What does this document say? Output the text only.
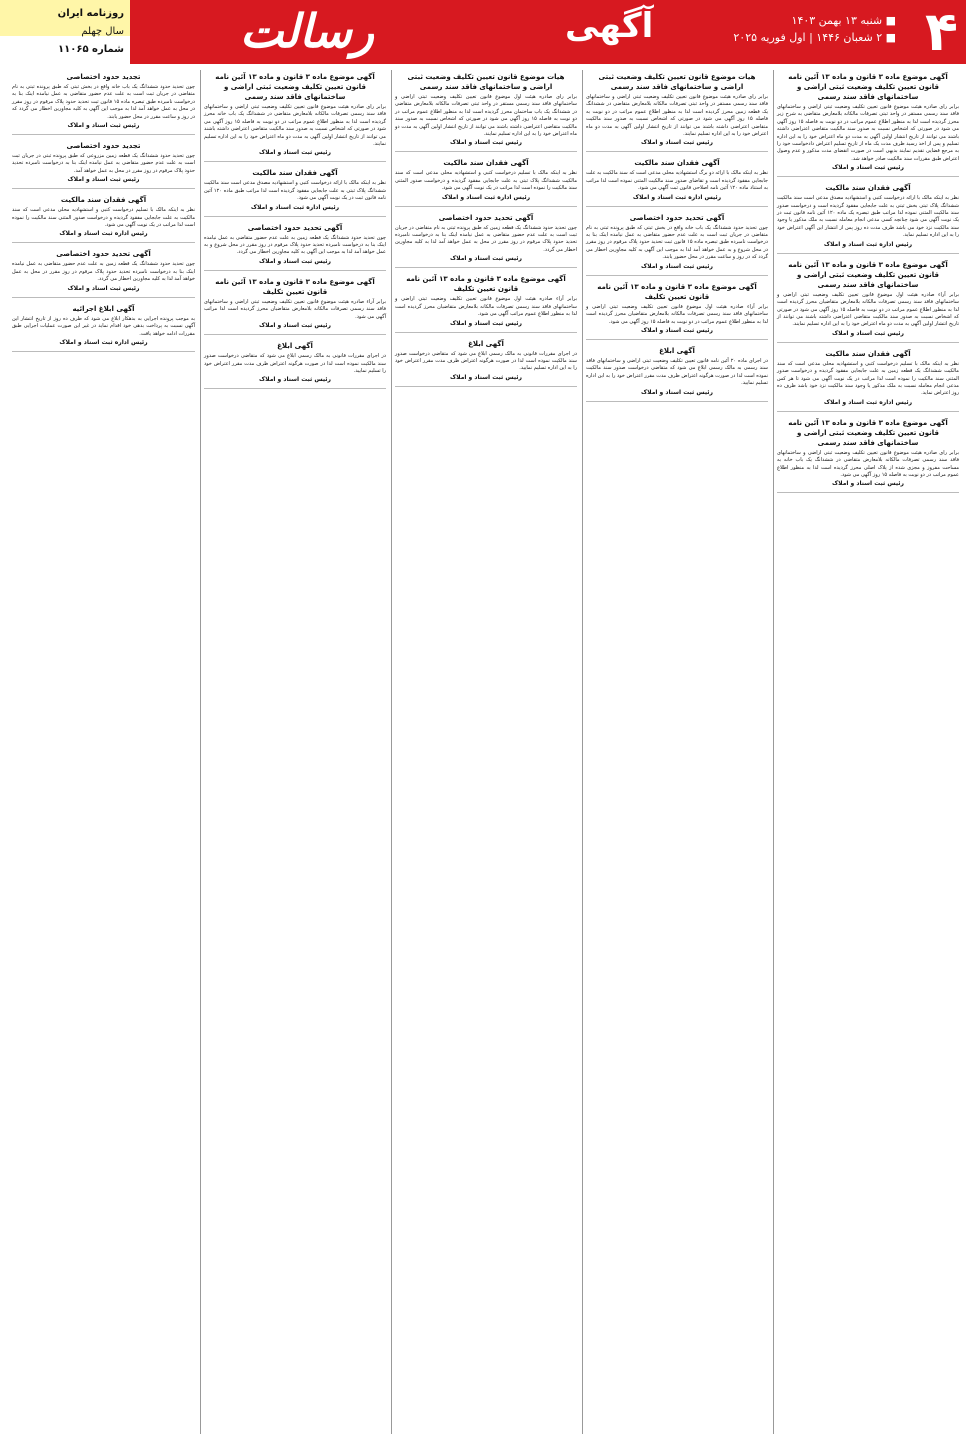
۴
■ شنبه ۱۳ بهمن ۱۴۰۳
■ ۲ شعبان ۱۴۴۶ | اول فوریه ۲۰۲۵
آگهی
رسالت
روزنامه ایران
سال چهلم
شماره ۱۱۰۶۵
آگهی موضوع ماده ۳ قانون و ماده ۱۳ آئین نامه قانون تعیین تکلیف وضعیت ثبتی اراضی و ساختمانهای فاقد سند رسمی
برابر رای صادره هیئت موضوع قانون تعیین تکلیف وضعیت ثبتی اراضی و ساختمانهای فاقد سند رسمی مستقر در واحد ثبتی تصرفات مالکانه بلامعارض متقاضی به شرح زیر محرز گردیده است لذا به منظور اطلاع عموم مراتب در دو نوبت به فاصله ۱۵ روز آگهی می شود در صورتی که اشخاص نسبت به صدور سند مالکیت متقاضی اعتراضی داشته باشند می توانند از تاریخ انتشار اولین آگهی به مدت دو ماه اعتراض خود را به این اداره تسلیم و پس از اخذ رسید ظرف مدت یک ماه از تاریخ تسلیم اعتراض دادخواست خود را به مرجع قضایی تقدیم نمایند بدیهی است در صورت انقضای مدت مذکور و عدم وصول اعتراض طبق مقررات سند مالکیت صادر خواهد شد.
رئیس ثبت اسناد و املاک
آگهی فقدان سند مالکیت
نظر به اینکه مالک با ارائه درخواست کتبی و استشهادیه مصدق مدعی است سند مالکیت ششدانگ پلاک ثبتی بخش ثبتی به علت جابجایی مفقود گردیده است و درخواست صدور سند مالکیت المثنی نموده لذا مراتب طبق تبصره یک ماده ۱۲۰ آئین نامه قانون ثبت در یک نوبت آگهی می شود چنانچه کسی مدعی انجام معامله نسبت به ملک مذکور یا وجود سند مالکیت نزد خود می باشد ظرف مدت ده روز پس از انتشار این آگهی اعتراض خود را به این اداره تسلیم نماید.
رئیس اداره ثبت اسناد و املاک
آگهی موضوع ماده ۳ قانون و ماده ۱۳ آئین نامه قانون تعیین تکلیف وضعیت ثبتی اراضی و ساختمانهای فاقد سند رسمی
برابر آراء صادره هیئت اول موضوع قانون تعیین تکلیف وضعیت ثبتی اراضی و ساختمانهای فاقد سند رسمی تصرفات مالکانه بلامعارض متقاضیان محرز گردیده است لذا به منظور اطلاع عموم مراتب در دو نوبت به فاصله ۱۵ روز آگهی می شود در صورتی که اشخاص نسبت به صدور سند مالکیت متقاضی اعتراضی داشته باشند می توانند از تاریخ انتشار اولین آگهی به مدت دو ماه اعتراض خود را به این اداره تسلیم نمایند.
رئیس ثبت اسناد و املاک
آگهی فقدان سند مالکیت
نظر به اینکه مالک با تسلیم درخواست کتبی و استشهادیه محلی مدعی است که سند مالکیت ششدانگ یک قطعه زمین به علت جابجایی مفقود گردیده و درخواست صدور المثنی سند مالکیت را نموده است لذا مراتب در یک نوبت آگهی می شود تا هر کس مدعی انجام معامله نسبت به ملک مذکور یا وجود سند مالکیت نزد خود باشد ظرف ده روز اعتراض نماید.
رئیس اداره ثبت اسناد و املاک
آگهی موضوع ماده ۳ قانون و ماده ۱۳ آئین نامه قانون تعیین تکلیف وضعیت ثبتی اراضی و ساختمانهای فاقد سند رسمی
برابر رای صادره هیئت موضوع قانون تعیین تکلیف وضعیت ثبتی اراضی و ساختمانهای فاقد سند رسمی تصرفات مالکانه بلامعارض متقاضی در ششدانگ یک باب خانه به مساحت مفروز و مجزی شده از پلاک اصلی محرز گردیده است لذا به منظور اطلاع عموم مراتب در دو نوبت به فاصله ۱۵ روز آگهی می شود.
رئیس ثبت اسناد و املاک
هیات موضوع قانون تعیین تکلیف وضعیت ثبتی اراضی و ساختمانهای فاقد سند رسمی
برابر رای صادره هیئت موضوع قانون تعیین تکلیف وضعیت ثبتی اراضی و ساختمانهای فاقد سند رسمی مستقر در واحد ثبتی تصرفات مالکانه بلامعارض متقاضی در ششدانگ یک قطعه زمین محرز گردیده است لذا به منظور اطلاع عموم مراتب در دو نوبت به فاصله ۱۵ روز آگهی می شود در صورتی که اشخاص نسبت به صدور سند مالکیت متقاضی اعتراضی داشته باشند می توانند از تاریخ انتشار اولین آگهی به مدت دو ماه اعتراض خود را به این اداره تسلیم نمایند.
رئیس ثبت اسناد و املاک
آگهی فقدان سند مالکیت
نظر به اینکه مالک با ارائه دو برگ استشهادیه محلی مدعی است که سند مالکیت به علت جابجایی مفقود گردیده است و تقاضای صدور سند مالکیت المثنی نموده است لذا مراتب به استناد ماده ۱۲۰ آئین نامه اصلاحی قانون ثبت آگهی می شود.
رئیس اداره ثبت اسناد و املاک
آگهی تحدید حدود اختصاصی
چون تحدید حدود ششدانگ یک باب خانه واقع در بخش ثبتی که طبق پرونده ثبتی به نام متقاضی در جریان ثبت است به علت عدم حضور متقاضی به عمل نیامده اینک بنا به درخواست نامبرده طبق تبصره ماده ۱۵ قانون ثبت تحدید حدود پلاک مرقوم در روز مقرر در محل شروع و به عمل خواهد آمد لذا به موجب این آگهی به کلیه مجاورین اخطار می گردد که در روز و ساعت مقرر در محل حضور یابند.
رئیس ثبت اسناد و املاک
آگهی موضوع ماده ۳ قانون و ماده ۱۳ آئین نامه قانون تعیین تکلیف
برابر آراء صادره هیئت اول موضوع قانون تعیین تکلیف وضعیت ثبتی اراضی و ساختمانهای فاقد سند رسمی تصرفات مالکانه بلامعارض متقاضیان محرز گردیده است لذا به منظور اطلاع عموم مراتب در دو نوبت به فاصله ۱۵ روز آگهی می شود.
رئیس ثبت اسناد و املاک
آگهی ابلاغ
در اجرای ماده ۲۰ آئین نامه قانون تعیین تکلیف وضعیت ثبتی اراضی و ساختمانهای فاقد سند رسمی به مالک رسمی ابلاغ می شود که متقاضی درخواست صدور سند مالکیت نموده است لذا در صورت هرگونه اعتراض ظرف مدت مقرر اعتراض خود را به این اداره تسلیم نمایید.
رئیس ثبت اسناد و املاک
هیات موضوع قانون تعیین تکلیف وضعیت ثبتی اراضی و ساختمانهای فاقد سند رسمی
برابر رای صادره هیئت اول موضوع قانون تعیین تکلیف وضعیت ثبتی اراضی و ساختمانهای فاقد سند رسمی مستقر در واحد ثبتی تصرفات مالکانه بلامعارض متقاضی در ششدانگ یک باب ساختمان محرز گردیده است لذا به منظور اطلاع عموم مراتب در دو نوبت به فاصله ۱۵ روز آگهی می شود در صورتی که اشخاص نسبت به صدور سند مالکیت متقاضی اعتراضی داشته باشند می توانند از تاریخ انتشار اولین آگهی به مدت دو ماه اعتراض خود را به این اداره تسلیم نمایند.
رئیس ثبت اسناد و املاک
آگهی فقدان سند مالکیت
نظر به اینکه مالک با تسلیم درخواست کتبی و استشهادیه محلی مدعی است که سند مالکیت ششدانگ پلاک ثبتی به علت جابجایی مفقود گردیده و درخواست صدور المثنی سند مالکیت را نموده است لذا مراتب در یک نوبت آگهی می شود.
رئیس اداره ثبت اسناد و املاک
آگهی تحدید حدود اختصاصی
چون تحدید حدود ششدانگ یک قطعه زمین که طبق پرونده ثبتی به نام متقاضی در جریان ثبت است به علت عدم حضور متقاضی به عمل نیامده اینک بنا به درخواست نامبرده تحدید حدود پلاک مرقوم در روز مقرر در محل به عمل خواهد آمد لذا به کلیه مجاورین اخطار می گردد.
رئیس ثبت اسناد و املاک
آگهی موضوع ماده ۳ قانون و ماده ۱۳ آئین نامه قانون تعیین تکلیف
برابر آراء صادره هیئت اول موضوع قانون تعیین تکلیف وضعیت ثبتی اراضی و ساختمانهای فاقد سند رسمی تصرفات مالکانه بلامعارض متقاضیان محرز گردیده است لذا به منظور اطلاع عموم مراتب آگهی می شود.
رئیس ثبت اسناد و املاک
آگهی ابلاغ
در اجرای مقررات قانونی به مالک رسمی ابلاغ می شود که متقاضی درخواست صدور سند مالکیت نموده است لذا در صورت هرگونه اعتراض ظرف مدت مقرر اعتراض خود را به این اداره تسلیم نمایید.
رئیس ثبت اسناد و املاک
آگهی موضوع ماده ۳ قانون و ماده ۱۳ آئین نامه قانون تعیین تکلیف وضعیت ثبتی اراضی و ساختمانهای فاقد سند رسمی
برابر رای صادره هیئت موضوع قانون تعیین تکلیف وضعیت ثبتی اراضی و ساختمانهای فاقد سند رسمی تصرفات مالکانه بلامعارض متقاضی در ششدانگ یک باب خانه محرز گردیده است لذا به منظور اطلاع عموم مراتب در دو نوبت به فاصله ۱۵ روز آگهی می شود در صورتی که اشخاص نسبت به صدور سند مالکیت متقاضی اعتراضی داشته باشند می توانند از تاریخ انتشار اولین آگهی به مدت دو ماه اعتراض خود را به این اداره تسلیم نمایند.
رئیس ثبت اسناد و املاک
آگهی فقدان سند مالکیت
نظر به اینکه مالک با ارائه درخواست کتبی و استشهادیه مصدق مدعی است سند مالکیت ششدانگ پلاک ثبتی به علت جابجایی مفقود گردیده است لذا مراتب طبق ماده ۱۲۰ آئین نامه قانون ثبت در یک نوبت آگهی می شود.
رئیس اداره ثبت اسناد و املاک
آگهی تحدید حدود اختصاصی
چون تحدید حدود ششدانگ یک قطعه زمین به علت عدم حضور متقاضی به عمل نیامده اینک بنا به درخواست نامبرده تحدید حدود پلاک مرقوم در روز مقرر در محل شروع و به عمل خواهد آمد لذا به موجب این آگهی به کلیه مجاورین اخطار می گردد.
رئیس ثبت اسناد و املاک
آگهی موضوع ماده ۳ قانون و ماده ۱۳ آئین نامه قانون تعیین تکلیف
برابر آراء صادره هیئت موضوع قانون تعیین تکلیف وضعیت ثبتی اراضی و ساختمانهای فاقد سند رسمی تصرفات مالکانه بلامعارض متقاضیان محرز گردیده است لذا مراتب آگهی می شود.
رئیس ثبت اسناد و املاک
آگهی ابلاغ
در اجرای مقررات قانونی به مالک رسمی ابلاغ می شود که متقاضی درخواست صدور سند مالکیت نموده است لذا در صورت هرگونه اعتراض ظرف مدت مقرر اعتراض خود را تسلیم نمایید.
رئیس ثبت اسناد و املاک
تجدید حدود اختصاصی
چون تحدید حدود ششدانگ یک باب خانه واقع در بخش ثبتی که طبق پرونده ثبتی به نام متقاضی در جریان ثبت است به علت عدم حضور متقاضی به عمل نیامده اینک بنا به درخواست نامبرده طبق تبصره ماده ۱۵ قانون ثبت تحدید حدود پلاک مرقوم در روز مقرر در محل به عمل خواهد آمد لذا به موجب این آگهی به کلیه مجاورین اخطار می گردد که در روز و ساعت مقرر در محل حضور یابند.
رئیس ثبت اسناد و املاک
تجدید حدود اختصاصی
چون تحدید حدود ششدانگ یک قطعه زمین مزروعی که طبق پرونده ثبتی در جریان ثبت است به علت عدم حضور متقاضی به عمل نیامده اینک بنا به درخواست نامبرده تحدید حدود پلاک مرقوم در روز مقرر در محل به عمل خواهد آمد.
رئیس ثبت اسناد و املاک
آگهی فقدان سند مالکیت
نظر به اینکه مالک با تسلیم درخواست کتبی و استشهادیه محلی مدعی است که سند مالکیت به علت جابجایی مفقود گردیده و درخواست صدور المثنی سند مالکیت را نموده است لذا مراتب در یک نوبت آگهی می شود.
رئیس اداره ثبت اسناد و املاک
آگهی تحدید حدود اختصاصی
چون تحدید حدود ششدانگ یک قطعه زمین به علت عدم حضور متقاضی به عمل نیامده اینک بنا به درخواست نامبرده تحدید حدود پلاک مرقوم در روز مقرر در محل به عمل خواهد آمد لذا به کلیه مجاورین اخطار می گردد.
رئیس ثبت اسناد و املاک
آگهی ابلاغ اجرائیه
به موجب پرونده اجرایی به بدهکار ابلاغ می شود که ظرف ده روز از تاریخ انتشار این آگهی نسبت به پرداخت بدهی خود اقدام نماید در غیر این صورت عملیات اجرایی طبق مقررات ادامه خواهد یافت.
رئیس اداره ثبت اسناد و املاک
